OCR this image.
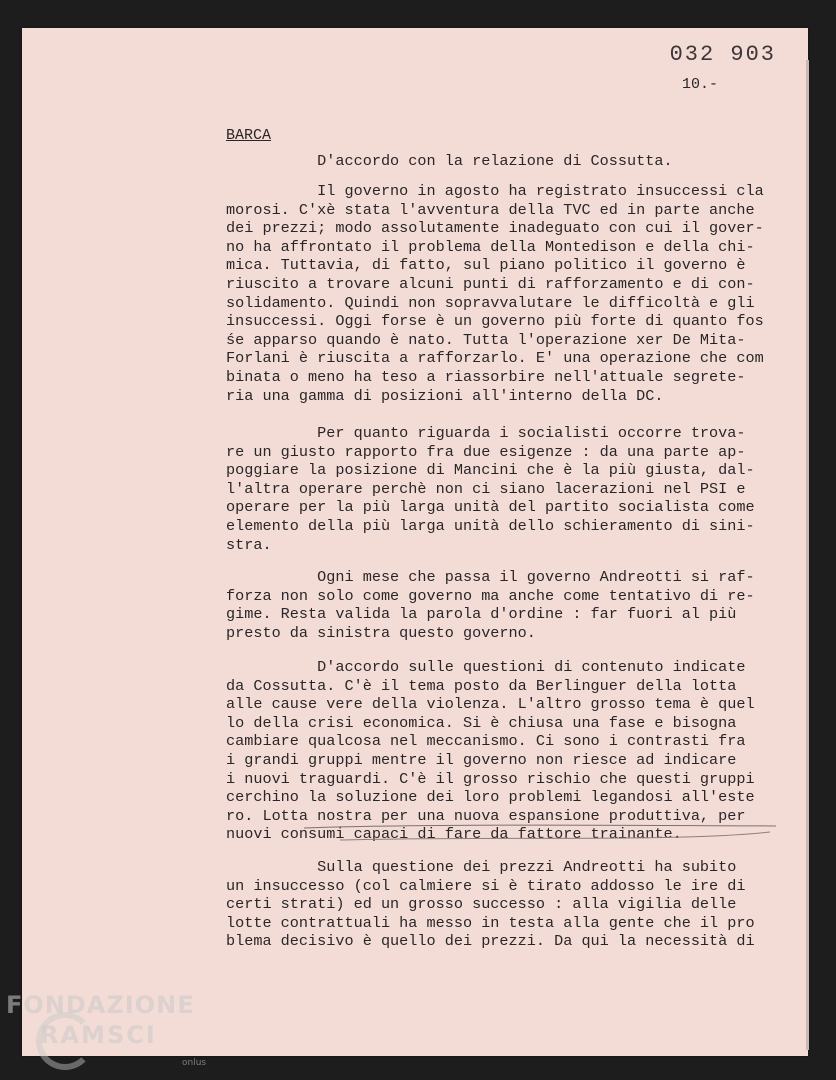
032 903
10.-
BARCA
D'accordo con la relazione di Cossutta.
Il governo in agosto ha registrato insuccessi cla
morosi. C'xè stata l'avventura della TVC ed in parte anche
dei prezzi; modo assolutamente inadeguato con cui il gover-
no ha affrontato il problema della Montedison e della chi-
mica. Tuttavia, di fatto, sul piano politico il governo è
riuscito a trovare alcuni punti di rafforzamento e di con-
solidamento. Quindi non sopravvalutare le difficoltà e gli
insuccessi. Oggi forse è un governo più forte di quanto fos
śe apparso quando è nato. Tutta l'operazione xer De Mita-
Forlani è riuscita a rafforzarlo. E' una operazione che com
binata o meno ha teso a riassorbire nell'attuale segrete-
ria una gamma di posizioni all'interno della DC.
Per quanto riguarda i socialisti occorre trova-
re un giusto rapporto fra due esigenze : da una parte ap-
poggiare la posizione di Mancini che è la più giusta, dal-
l'altra operare perchè non ci siano lacerazioni nel PSI e
operare per la più larga unità del partito socialista come
elemento della più larga unità dello schieramento di sini-
stra.
Ogni mese che passa il governo Andreotti si raf-
forza non solo come governo ma anche come tentativo di re-
gime. Resta valida la parola d'ordine : far fuori al più
presto da sinistra questo governo.
D'accordo sulle questioni di contenuto indicate
da Cossutta. C'è il tema posto da Berlinguer della lotta
alle cause vere della violenza. L'altro grosso tema è quel
lo della crisi economica. Si è chiusa una fase e bisogna
cambiare qualcosa nel meccanismo. Ci sono i contrasti fra
i grandi gruppi mentre il governo non riesce ad indicare
i nuovi traguardi. C'è il grosso rischio che questi gruppi
cerchino la soluzione dei loro problemi legandosi all'este
ro. Lotta nostra per una nuova espansione produttiva, per
nuovi consumi capaci di fare da fattore trainante.
Sulla questione dei prezzi Andreotti ha subito
un insuccesso (col calmiere si è tirato addosso le ire di
certi strati) ed un grosso successo : alla vigilia delle
lotte contrattuali ha messo in testa alla gente che il pro
blema decisivo è quello dei prezzi. Da qui la necessità di
FONDAZIONE
RAMSCI
onlus
